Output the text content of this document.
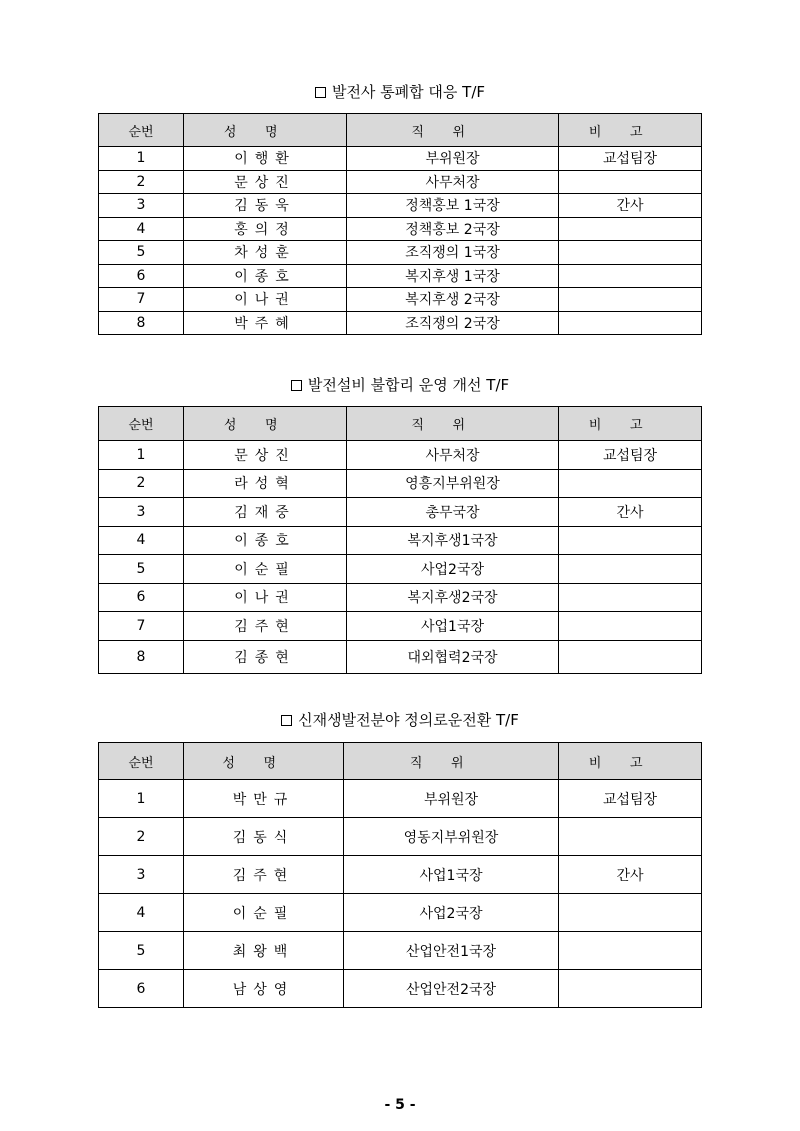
발전사 통폐합 대응 T/F
순번	성명	직위	비고
1	이행환	부위원장	교섭팀장
2	문상진	사무처장	
3	김동욱	정책홍보 1국장	간사
4	홍의정	정책홍보 2국장	
5	차성훈	조직쟁의 1국장	
6	이종호	복지후생 1국장	
7	이나권	복지후생 2국장	
8	박주혜	조직쟁의 2국장	
발전설비 불합리 운영 개선 T/F
순번	성명	직위	비고
1	문상진	사무처장	교섭팀장
2	라성혁	영흥지부위원장	
3	김재중	총무국장	간사
4	이종호	복지후생1국장	
5	이순필	사업2국장	
6	이나권	복지후생2국장	
7	김주현	사업1국장	
8	김종현	대외협력2국장	
신재생발전분야 정의로운전환 T/F
순번	성명	직위	비고
1	박만규	부위원장	교섭팀장
2	김동식	영동지부위원장	
3	김주현	사업1국장	간사
4	이순필	사업2국장	
5	최왕백	산업안전1국장	
6	남상영	산업안전2국장	
- 5 -
